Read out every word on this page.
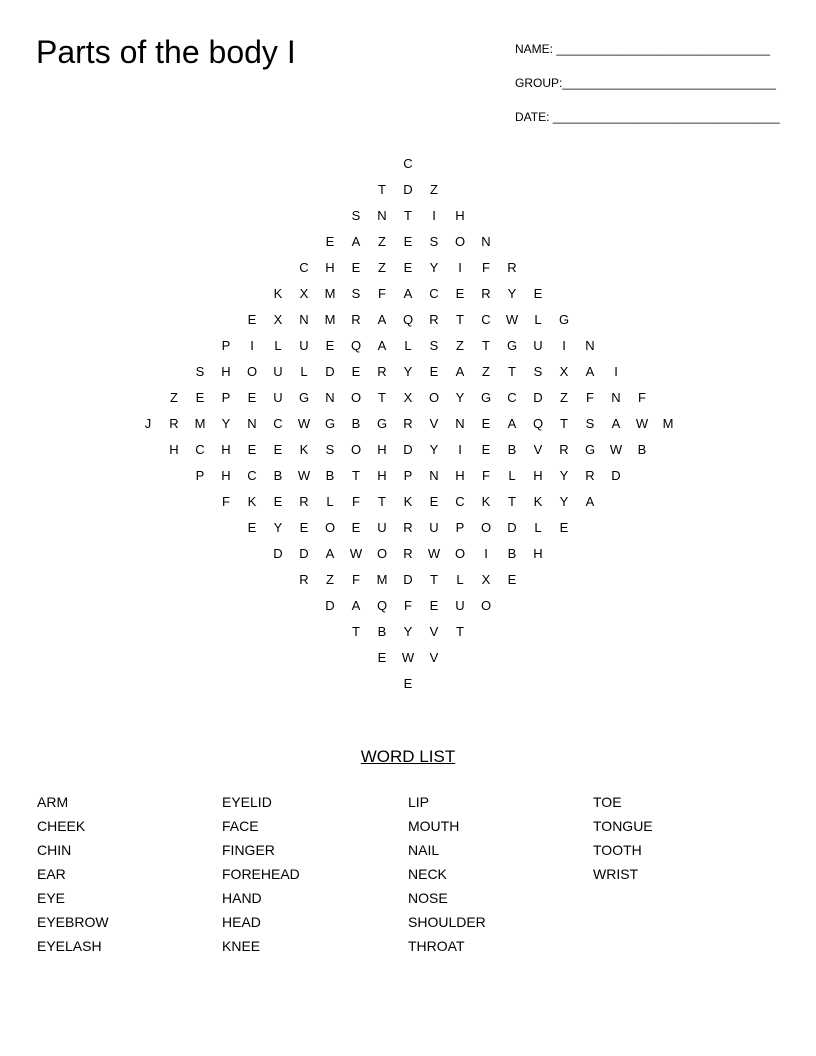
Parts of the body I	NAME: ________________________________
GROUP:________________________________
DATE: __________________________________
C
T	D	Z
S	N	T	I	H
E	A	Z	E	S	O	N
C	H	E	Z	E	Y	I	F	R
K	X	M	S	F	A	C	E	R	Y	E
E	X	N	M	R	A	Q	R	T	C	W	L	G
P	I	L	U	E	Q	A	L	S	Z	T	G	U	I	N
S	H	O	U	L	D	E	R	Y	E	A	Z	T	S	X	A	I
Z	E	P	E	U	G	N	O	T	X	O	Y	G	C	D	Z	F	N	F
J	R	M	Y	N	C	W	G	B	G	R	V	N	E	A	Q	T	S	A	W	M
H	C	H	E	E	K	S	O	H	D	Y	I	E	B	V	R	G	W	B
P	H	C	B	W	B	T	H	P	N	H	F	L	H	Y	R	D
F	K	E	R	L	F	T	K	E	C	K	T	K	Y	A
E	Y	E	O	E	U	R	U	P	O	D	L	E
D	D	A	W	O	R	W	O	I	B	H
R	Z	F	M	D	T	L	X	E
D	A	Q	F	E	U	O
T	B	Y	V	T
E	W	V
E
WORD LIST
ARM
CHEEK
CHIN
EAR
EYE
EYEBROW
EYELASH
EYELID
FACE
FINGER
FOREHEAD
HAND
HEAD
KNEE
LIP
MOUTH
NAIL
NECK
NOSE
SHOULDER
THROAT
TOE
TONGUE
TOOTH
WRIST
